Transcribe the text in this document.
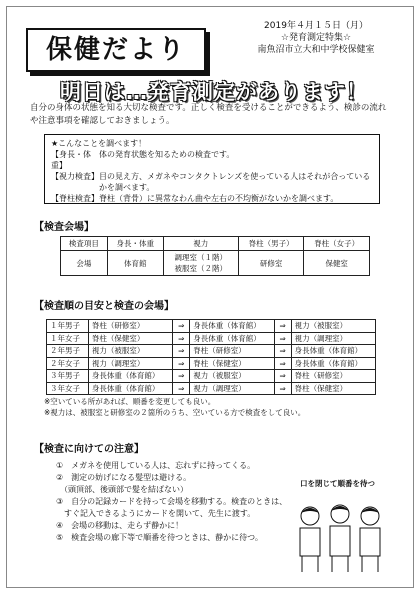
保健だより
2019年４月１５日（月）
☆発育測定特集☆
南魚沼市立大和中学校保健室
明日は…発育測定があります！
自分の身体の状態を知る大切な検査です。正しく検査を受けることができるよう、検診の流れや注意事項を確認しておきましょう。
★こんなことを調べます！
【身長・体重】
体の発育状態を知るための検査です。
【視力検査】 目の見え方、メガネやコンタクトレンズを使っている人はそれが合っているかを調べます。
【脊柱検査】 脊柱（背骨）に異常なわん曲や左右の不均衡がないかを調べます。
【検査会場】
検査項目	身長・体重	視力	脊柱（男子）	脊柱（女子）
会場	体育館	調理室（１階）
被服室（２階）	研修室	保健室
【検査順の目安と検査の会場】
１年男子	脊柱（研修室）	⇒	身長体重（体育館）	⇒	視力（被服室）
１年女子	脊柱（保健室）	⇒	身長体重（体育館）	⇒	視力（調理室）
２年男子	視力（被服室）	⇒	脊柱（研修室）	⇒	身長体重（体育館）
２年女子	視力（調理室）	⇒	脊柱（保健室）	⇒	身長体重（体育館）
３年男子	身長体重（体育館）	⇒	視力（被服室）	⇒	脊柱（研修室）
３年女子	身長体重（体育館）	⇒	視力（調理室）	⇒	脊柱（保健室）
※空いている所があれば、順番を変更しても良い。
※視力は、被服室と研修室の２箇所のうち、空いている方で検査をして良い。
【検査に向けての注意】
①　メガネを使用している人は、忘れずに持ってくる。
②　測定の妨げになる髪型は避ける。
　（頭頂部、後頭部で髪を結ばない）
③　自分の記録カードを持って会場を移動する。検査のときは、
　すぐ記入できるようにカードを開いて、先生に渡す。
④　会場の移動は、走らず静かに！
⑤　検査会場の廊下等で順番を待つときは、静かに待つ。
口を閉じて順番を待つ
